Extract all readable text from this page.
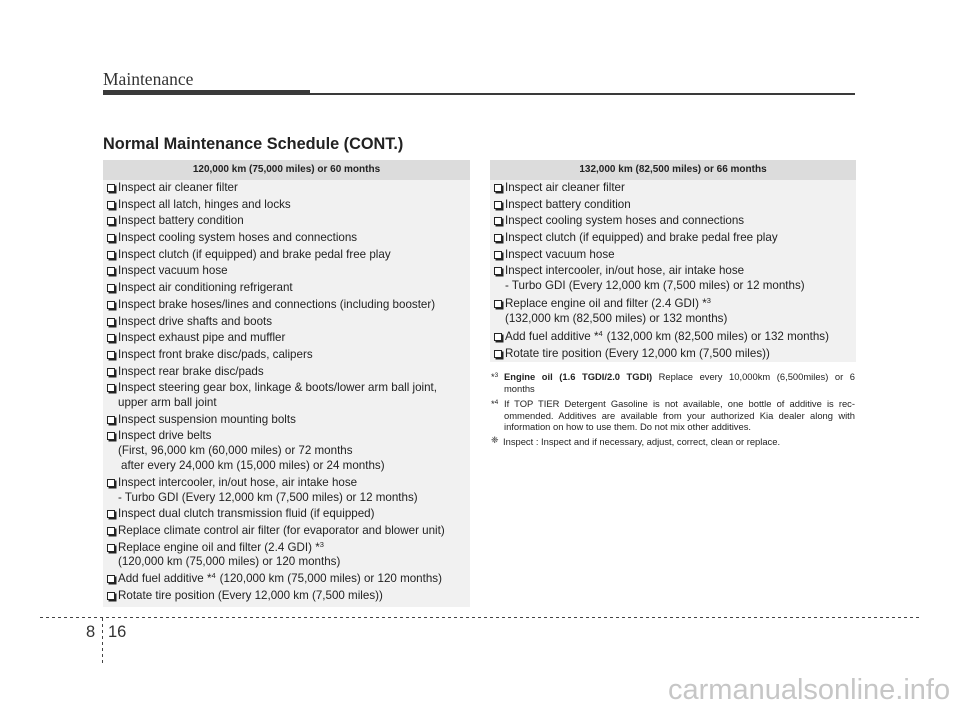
Maintenance
Normal Maintenance Schedule (CONT.)
120,000 km (75,000 miles) or 60 months
Inspect air cleaner filter
Inspect all latch, hinges and locks
Inspect battery condition
Inspect cooling system hoses and connections
Inspect clutch (if equipped) and brake pedal free play
Inspect vacuum hose
Inspect air conditioning refrigerant
Inspect brake hoses/lines and connections (including booster)
Inspect drive shafts and boots
Inspect exhaust pipe and muffler
Inspect front brake disc/pads, calipers
Inspect rear brake disc/pads
Inspect steering gear box, linkage & boots/lower arm ball joint,
upper arm ball joint
Inspect suspension mounting bolts
Inspect drive belts
(First, 96,000 km (60,000 miles) or 72 months
after every 24,000 km (15,000 miles) or 24 months)
Inspect intercooler, in/out hose, air intake hose
- Turbo GDI (Every 12,000 km (7,500 miles) or 12 months)
Inspect dual clutch transmission fluid (if equipped)
Replace climate control air filter (for evaporator and blower unit)
Replace engine oil and filter (2.4 GDI) *$^3$
(120,000 km (75,000 miles) or 120 months)
Add fuel additive *$^4$ (120,000 km (75,000 miles) or 120 months)
Rotate tire position (Every 12,000 km (7,500 miles))
132,000 km (82,500 miles) or 66 months
Inspect air cleaner filter
Inspect battery condition
Inspect cooling system hoses and connections
Inspect clutch (if equipped) and brake pedal free play
Inspect vacuum hose
Inspect intercooler, in/out hose, air intake hose
- Turbo GDI (Every 12,000 km (7,500 miles) or 12 months)
Replace engine oil and filter (2.4 GDI) *$^3$
(132,000 km (82,500 miles) or 132 months)
Add fuel additive *$^4$ (132,000 km (82,500 miles) or 132 months)
Rotate tire position (Every 12,000 km (7,500 miles))
*$^3$ Engine oil (1.6 TGDI/2.0 TGDI) Replace every 10,000km (6,500miles) or 6
months
*$^4$ If TOP TIER Detergent Gasoline is not available, one bottle of additive is rec-
ommended. Additives are available from your authorized Kia dealer along with
information on how to use them. Do not mix other additives.
❈ Inspect : Inspect and if necessary, adjust, correct, clean or replace.
8 16
carmanualsonline.info
